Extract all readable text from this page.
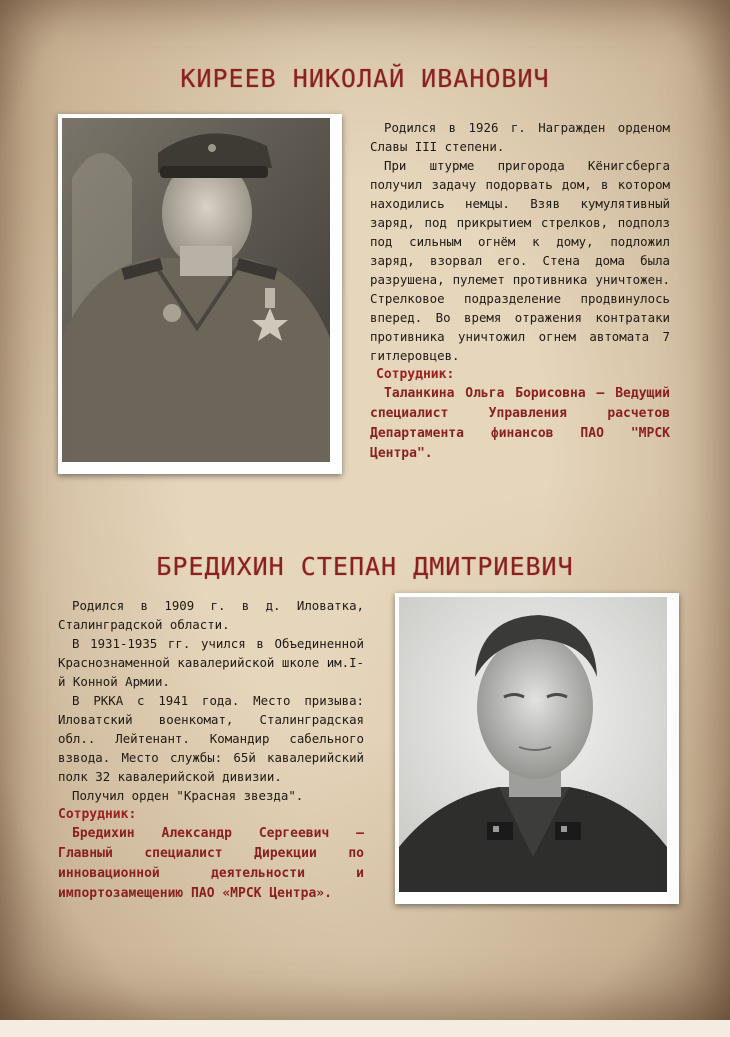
КИРЕЕВ НИКОЛАЙ ИВАНОВИЧ

Родился в 1926 г. Награжден орденом Славы III степени.

При штурме пригорода Кёнигсберга получил задачу подорвать дом, в котором находились немцы. Взяв кумулятивный заряд, под прикрытием стрелков, подполз под сильным огнём к дому, подложил заряд, взорвал его. Стена дома была разрушена, пулемет противника уничтожен. Стрелковое подразделение продвинулось вперед. Во время отражения контратаки противника уничтожил огнем автомата 7 гитлеровцев.

Сотрудник:

Таланкина Ольга Борисовна – Ведущий специалист Управления расчетов Департамента финансов ПАО "МРСК Центра".

БРЕДИХИН СТЕПАН ДМИТРИЕВИЧ

Родился в 1909 г. в д. Иловатка, Сталинградской области.

В 1931-1935 гг. учился в Объединенной Краснознаменной кавалерийской школе им.I-й Конной Армии.

В РККА с 1941 года. Место призыва: Иловатский военкомат, Сталинградская обл.. Лейтенант. Командир сабельного взвода. Место службы: 65й кавалерийский полк 32 кавалерийской дивизии.

Получил орден "Красная звезда".

Сотрудник:

Бредихин Александр Сергеевич – Главный специалист Дирекции по инновационной деятельности и импортозамещению ПАО «МРСК Центра».
